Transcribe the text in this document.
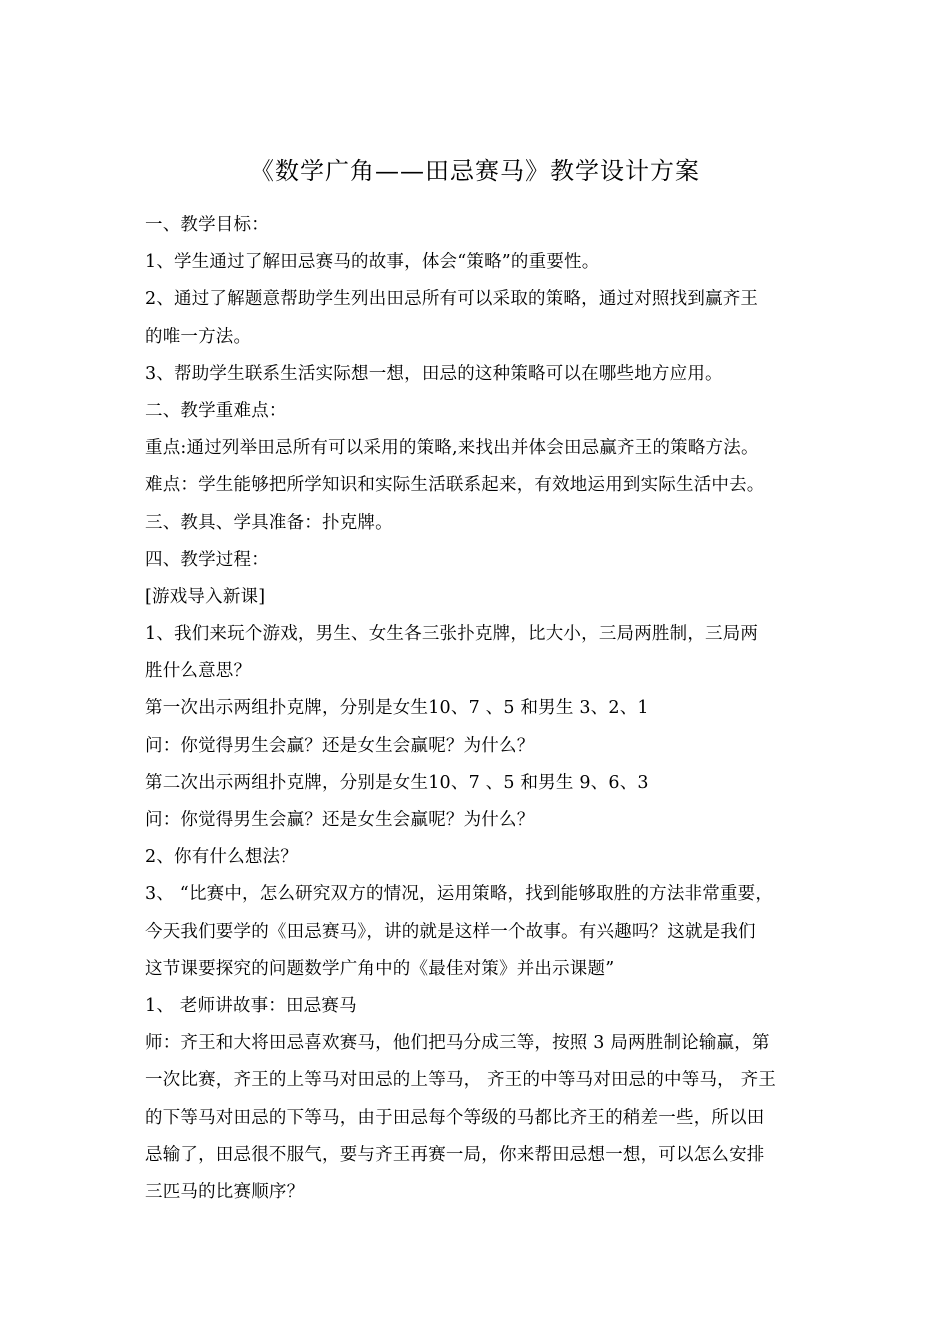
《数学广角——田忌赛马》教学设计方案
一、教学目标：
1、学生通过了解田忌赛马的故事，体会“策略”的重要性。
2、通过了解题意帮助学生列出田忌所有可以采取的策略，通过对照找到赢齐王
的唯一方法。
3、帮助学生联系生活实际想一想，田忌的这种策略可以在哪些地方应用。
二、教学重难点：
重点:通过列举田忌所有可以采用的策略,来找出并体会田忌赢齐王的策略方法。
难点：学生能够把所学知识和实际生活联系起来，有效地运用到实际生活中去。
三、教具、学具准备：扑克牌。
四、教学过程：
[游戏导入新课]
1、我们来玩个游戏，男生、女生各三张扑克牌，比大小，三局两胜制，三局两
胜什么意思？
第一次出示两组扑克牌，分别是女生10、7 、5 和男生 3、2、1
问：你觉得男生会赢？还是女生会赢呢？为什么？
第二次出示两组扑克牌，分别是女生10、7 、5 和男生 9、6、3
问：你觉得男生会赢？还是女生会赢呢？为什么？
2、你有什么想法？
3、 “比赛中，怎么研究双方的情况，运用策略，找到能够取胜的方法非常重要，
今天我们要学的《田忌赛马》，讲的就是这样一个故事。有兴趣吗？这就是我们
这节课要探究的问题数学广角中的《最佳对策》并出示课题”
1、 老师讲故事：田忌赛马
师：齐王和大将田忌喜欢赛马，他们把马分成三等，按照 3 局两胜制论输赢，第
一次比赛，齐王的上等马对田忌的上等马， 齐王的中等马对田忌的中等马， 齐王
的下等马对田忌的下等马，由于田忌每个等级的马都比齐王的稍差一些，所以田
忌输了，田忌很不服气，要与齐王再赛一局，你来帮田忌想一想，可以怎么安排
三匹马的比赛顺序？
